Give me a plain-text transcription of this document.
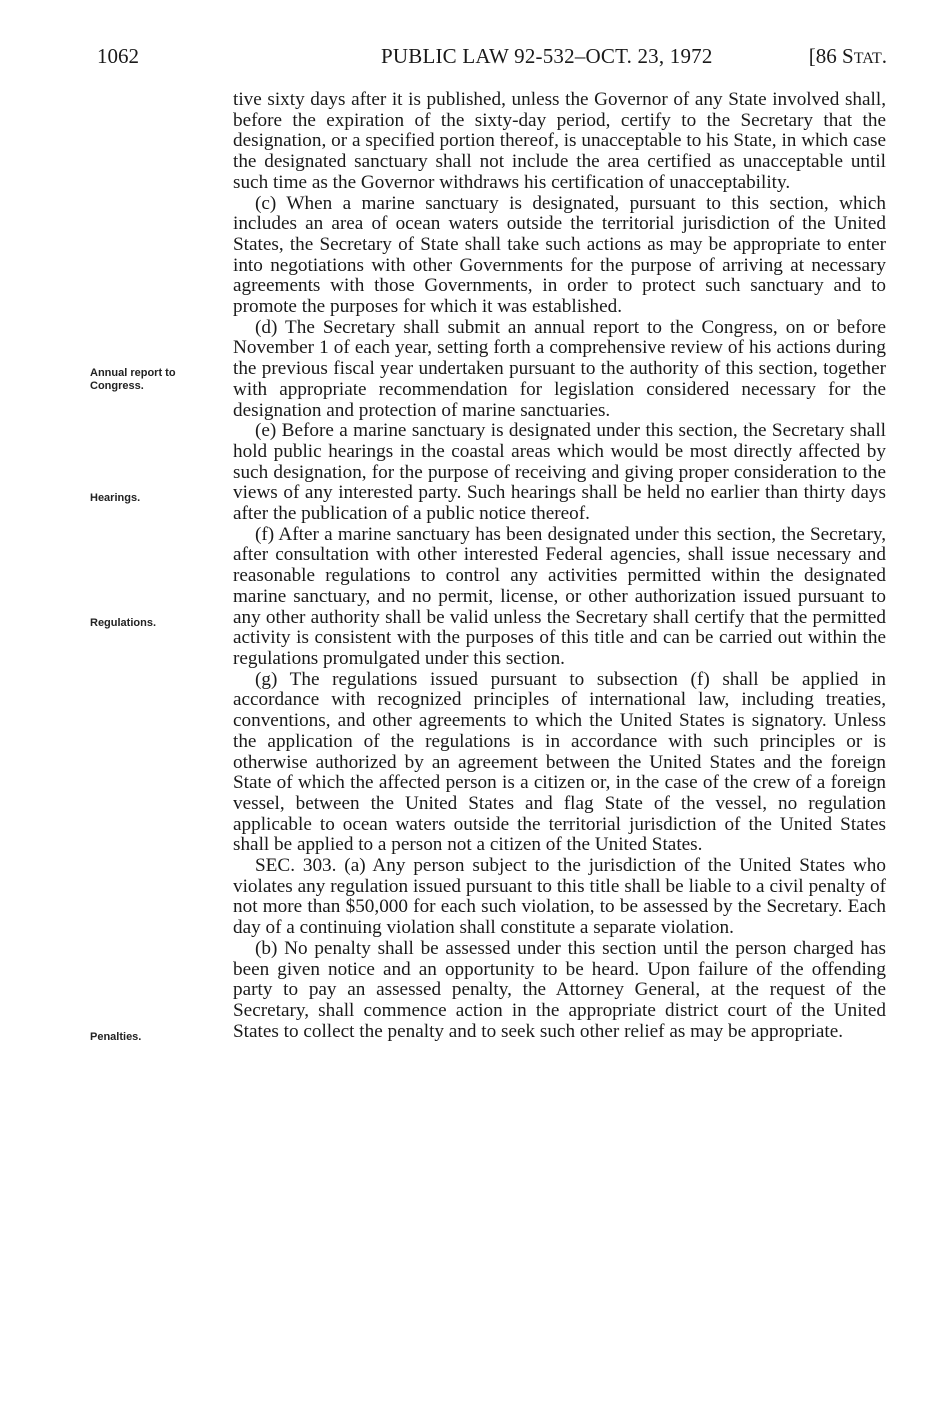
1062	PUBLIC LAW 92-532–OCT. 23, 1972	[86 STAT.
Annual report to
Congress.
Hearings.
Regulations.
Penalties.

tive sixty days after it is published, unless the Governor of any State involved shall, before the expiration of the sixty-day period, certify to the Secretary that the designation, or a specified portion thereof, is unacceptable to his State, in which case the designated sanctuary shall not include the area certified as unacceptable until such time as the Governor withdraws his certification of unacceptability.

(c) When a marine sanctuary is designated, pursuant to this section, which includes an area of ocean waters outside the territorial jurisdiction of the United States, the Secretary of State shall take such actions as may be appropriate to enter into negotiations with other Governments for the purpose of arriving at necessary agreements with those Governments, in order to protect such sanctuary and to promote the purposes for which it was established.

(d) The Secretary shall submit an annual report to the Congress, on or before November 1 of each year, setting forth a comprehensive review of his actions during the previous fiscal year undertaken pursuant to the authority of this section, together with appropriate recommendation for legislation considered necessary for the designation and protection of marine sanctuaries.

(e) Before a marine sanctuary is designated under this section, the Secretary shall hold public hearings in the coastal areas which would be most directly affected by such designation, for the purpose of receiving and giving proper consideration to the views of any interested party. Such hearings shall be held no earlier than thirty days after the publication of a public notice thereof.

(f) After a marine sanctuary has been designated under this section, the Secretary, after consultation with other interested Federal agencies, shall issue necessary and reasonable regulations to control any activities permitted within the designated marine sanctuary, and no permit, license, or other authorization issued pursuant to any other authority shall be valid unless the Secretary shall certify that the permitted activity is consistent with the purposes of this title and can be carried out within the regulations promulgated under this section.

(g) The regulations issued pursuant to subsection (f) shall be applied in accordance with recognized principles of international law, including treaties, conventions, and other agreements to which the United States is signatory. Unless the application of the regulations is in accordance with such principles or is otherwise authorized by an agreement between the United States and the foreign State of which the affected person is a citizen or, in the case of the crew of a foreign vessel, between the United States and flag State of the vessel, no regulation applicable to ocean waters outside the territorial jurisdiction of the United States shall be applied to a person not a citizen of the United States.

SEC. 303. (a) Any person subject to the jurisdiction of the United States who violates any regulation issued pursuant to this title shall be liable to a civil penalty of not more than $50,000 for each such violation, to be assessed by the Secretary. Each day of a continuing violation shall constitute a separate violation.

(b) No penalty shall be assessed under this section until the person charged has been given notice and an opportunity to be heard. Upon failure of the offending party to pay an assessed penalty, the Attorney General, at the request of the Secretary, shall commence action in the appropriate district court of the United States to collect the penalty and to seek such other relief as may be appropriate.
